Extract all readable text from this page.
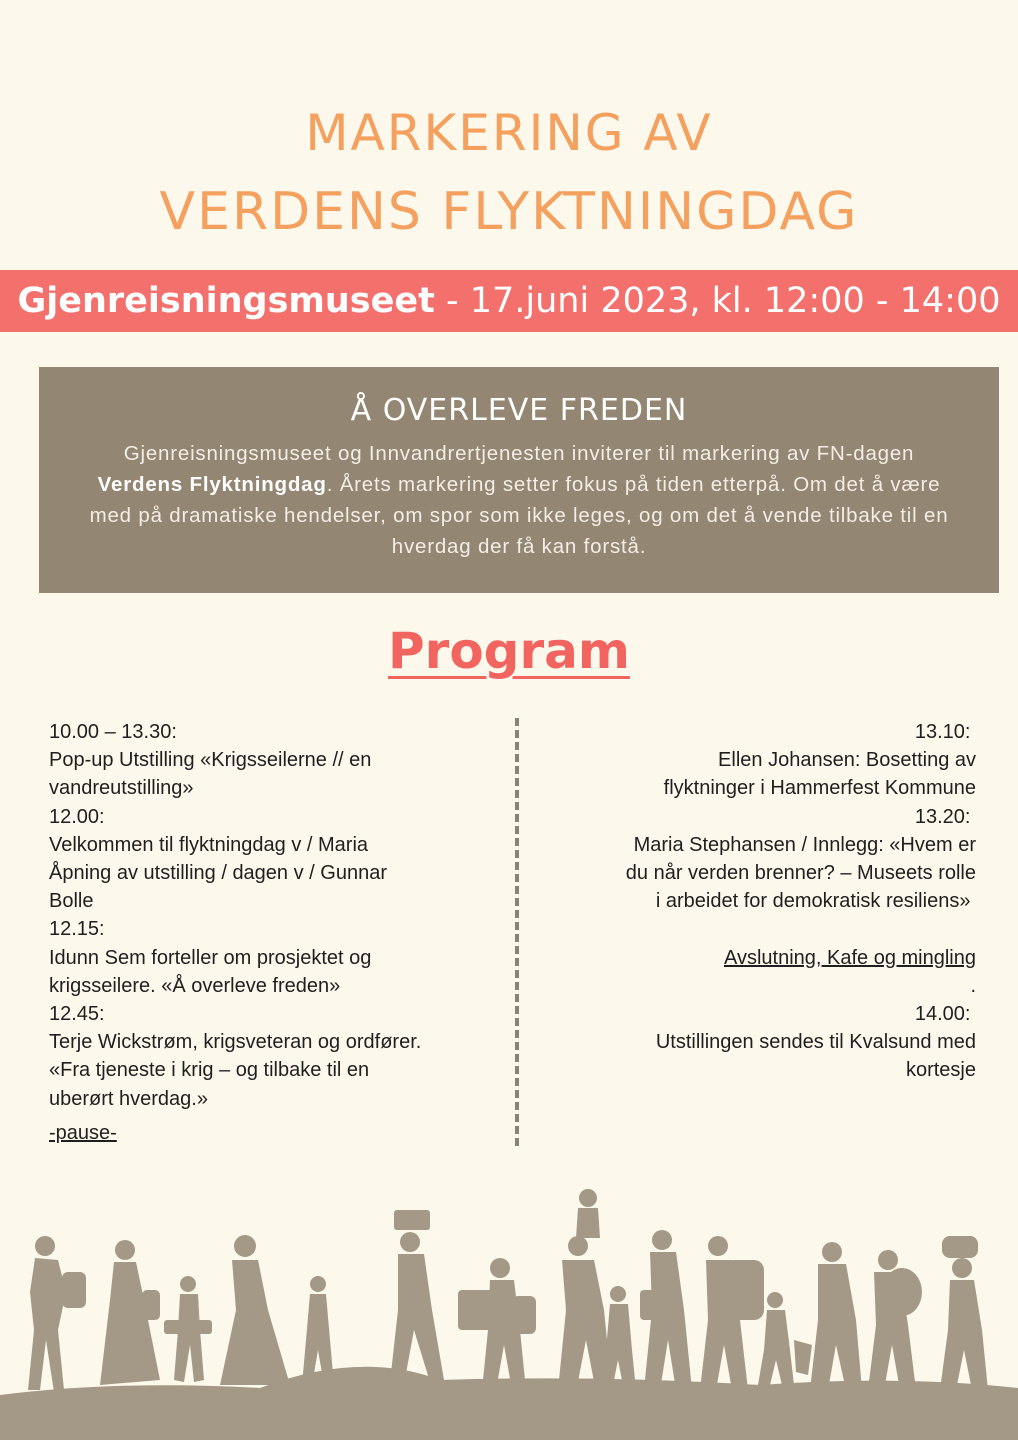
MARKERING AV
VERDENS FLYKTNINGDAG
Gjenreisningsmuseet - 17.juni 2023, kl. 12:00 - 14:00
Å OVERLEVE FREDEN

Gjenreisningsmuseet og Innvandrertjenesten inviterer til markering av FN-dagen Verdens Flyktningdag. Årets markering setter fokus på tiden etterpå. Om det å være med på dramatiske hendelser, om spor som ikke leges, og om det å vende tilbake til en hverdag der få kan forstå.

Program
10.00 – 13.30:
Pop-up Utstilling «Krigsseilerne // en
vandreutstilling»
12.00:
Velkommen til flyktningdag v / Maria
Åpning av utstilling / dagen v / Gunnar
Bolle
12.15:
Idunn Sem forteller om prosjektet og
krigsseilere. «Å overleve freden»
12.45:
Terje Wickstrøm, krigsveteran og ordfører.
«Fra tjeneste i krig – og tilbake til en
uberørt hverdag.»
-pause-
13.10:
Ellen Johansen: Bosetting av
flyktninger i Hammerfest Kommune
13.20:
Maria Stephansen / Innlegg: «Hvem er
du når verden brenner? – Museets rolle
i arbeidet for demokratisk resiliens»
Avslutning, Kafe og mingling
.
14.00:
Utstillingen sendes til Kvalsund med
kortesje
